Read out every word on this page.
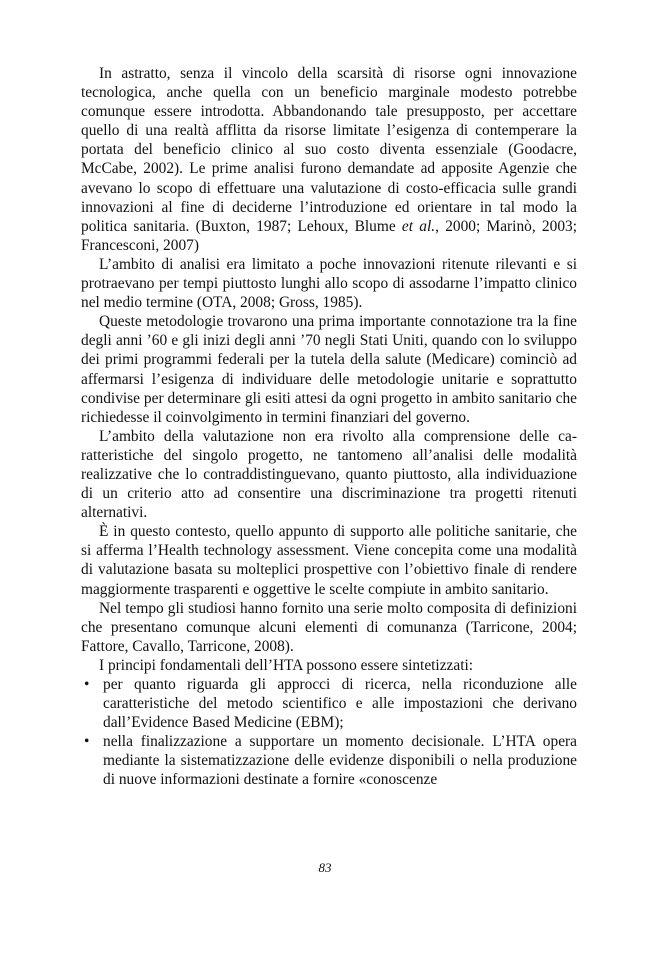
In astratto, senza il vincolo della scarsità di risorse ogni innovazione tecnologica, anche quella con un beneficio marginale modesto potrebbe comunque essere introdotta. Abbandonando tale presupposto, per accettare quello di una realtà afflitta da risorse limitate l’esigenza di contemperare la portata del beneficio clinico al suo costo diventa essenziale (Goodacre, McCabe, 2002). Le prime analisi furono demandate ad apposite Agenzie che avevano lo scopo di effettuare una valutazione di costo-efficacia sulle grandi innovazioni al fine di deciderne l’introduzione ed orientare in tal modo la politica sanitaria. (Buxton, 1987; Lehoux, Blume et al., 2000; Marinò, 2003; Francesconi, 2007)

L’ambito di analisi era limitato a poche innovazioni ritenute rilevanti e si protraevano per tempi piuttosto lunghi allo scopo di assodarne l’impatto clinico nel medio termine (OTA, 2008; Gross, 1985).

Queste metodologie trovarono una prima importante connotazione tra la fine degli anni ’60 e gli inizi degli anni ’70 negli Stati Uniti, quando con lo sviluppo dei primi programmi federali per la tutela della salute (Medicare) cominciò ad affermarsi l’esigenza di individuare delle metodologie unitarie e soprattutto condivise per determinare gli esiti attesi da ogni progetto in ambito sanitario che richiedesse il coinvolgimento in termini finanziari del governo.

L’ambito della valutazione non era rivolto alla comprensione delle caratteristiche del singolo progetto, ne tantomeno all’analisi delle modalità realizzative che lo contraddistinguevano, quanto piuttosto, alla individuazione di un criterio atto ad consentire una discriminazione tra progetti ritenuti alternativi.

È in questo contesto, quello appunto di supporto alle politiche sanitarie, che si afferma l’Health technology assessment. Viene concepita come una modalità di valutazione basata su molteplici prospettive con l’obiettivo finale di rendere maggiormente trasparenti e oggettive le scelte compiute in ambito sanitario.

Nel tempo gli studiosi hanno fornito una serie molto composita di definizioni che presentano comunque alcuni elementi di comunanza (Tarricone, 2004; Fattore, Cavallo, Tarricone, 2008).

I principi fondamentali dell’HTA possono essere sintetizzati:

• per quanto riguarda gli approcci di ricerca, nella riconduzione alle caratteristiche del metodo scientifico e alle impostazioni che derivano dall’Evidence Based Medicine (EBM);
• nella finalizzazione a supportare un momento decisionale. L’HTA opera mediante la sistematizzazione delle evidenze disponibili o nella produzione di nuove informazioni destinate a fornire «conoscenze
83
